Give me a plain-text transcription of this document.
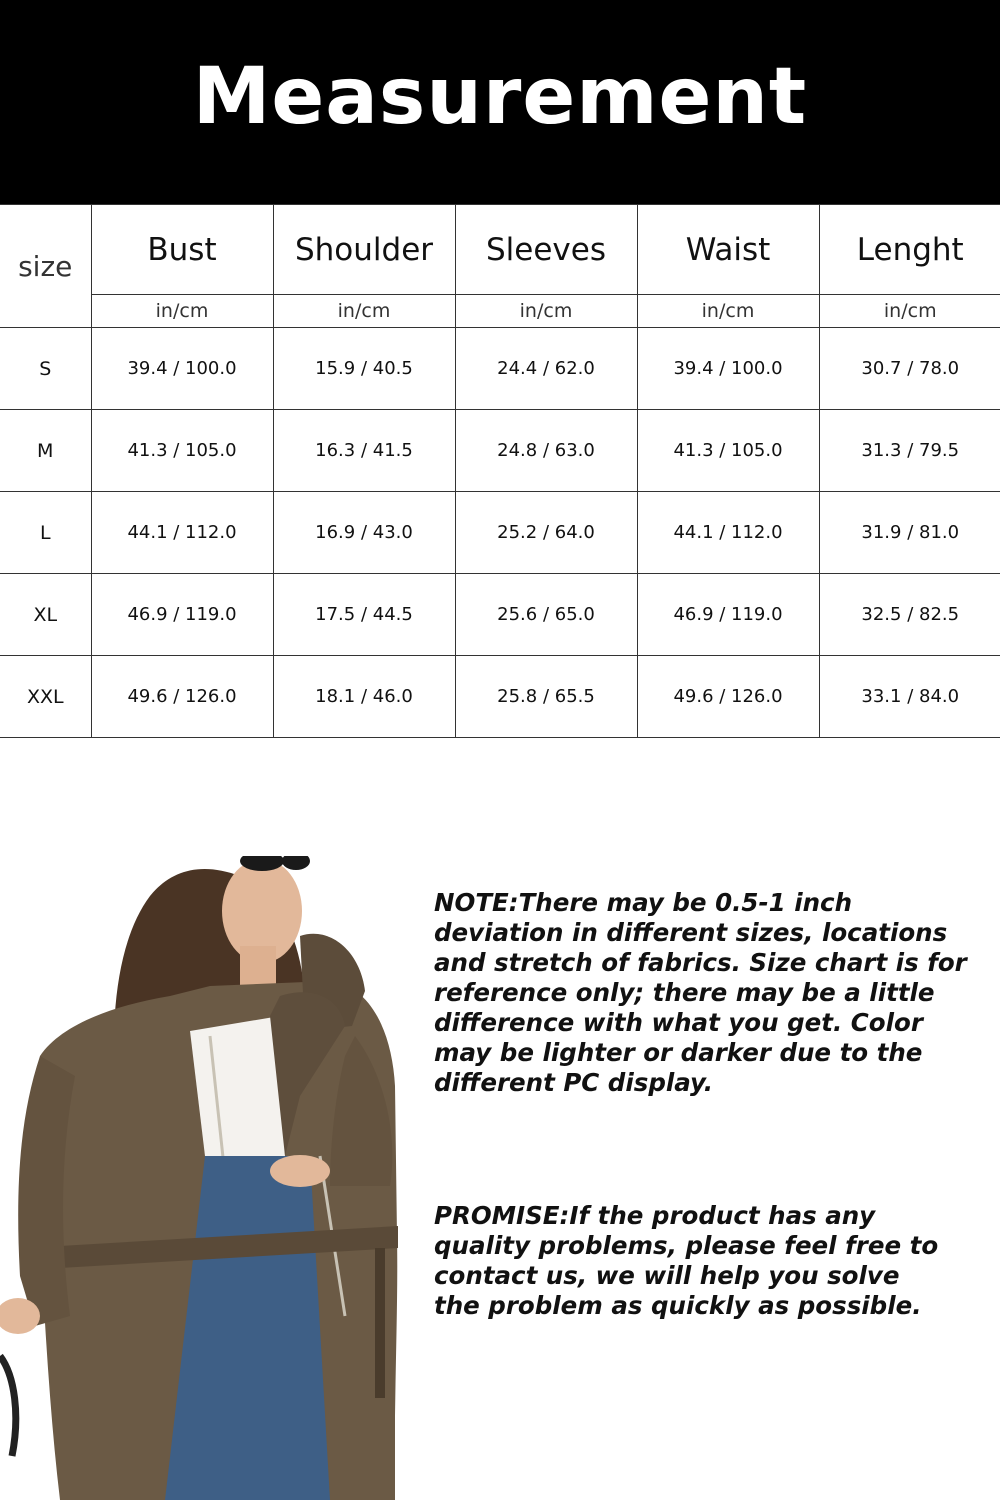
Measurement
size	Bust	Shoulder	Sleeves	Waist	Lenght
	in/cm	in/cm	in/cm	in/cm	in/cm
S	39.4 / 100.0	15.9 / 40.5	24.4 / 62.0	39.4 / 100.0	30.7 / 78.0
M	41.3 / 105.0	16.3 / 41.5	24.8 / 63.0	41.3 / 105.0	31.3 / 79.5
L	44.1 / 112.0	16.9 / 43.0	25.2 / 64.0	44.1 / 112.0	31.9 / 81.0
XL	46.9 / 119.0	17.5 / 44.5	25.6 / 65.0	46.9 / 119.0	32.5 / 82.5
XXL	49.6 / 126.0	18.1 / 46.0	25.8 / 65.5	49.6 / 126.0	33.1 / 84.0
NOTE:There may be 0.5-1 inch
deviation in different sizes, locations
and stretch of fabrics. Size chart is for
reference only; there may be a little
difference with what you get. Color
may be lighter or darker due to the
different PC display.
PROMISE:If the product has any
quality problems, please feel free to
contact us, we will help you solve
the problem as quickly as possible.
